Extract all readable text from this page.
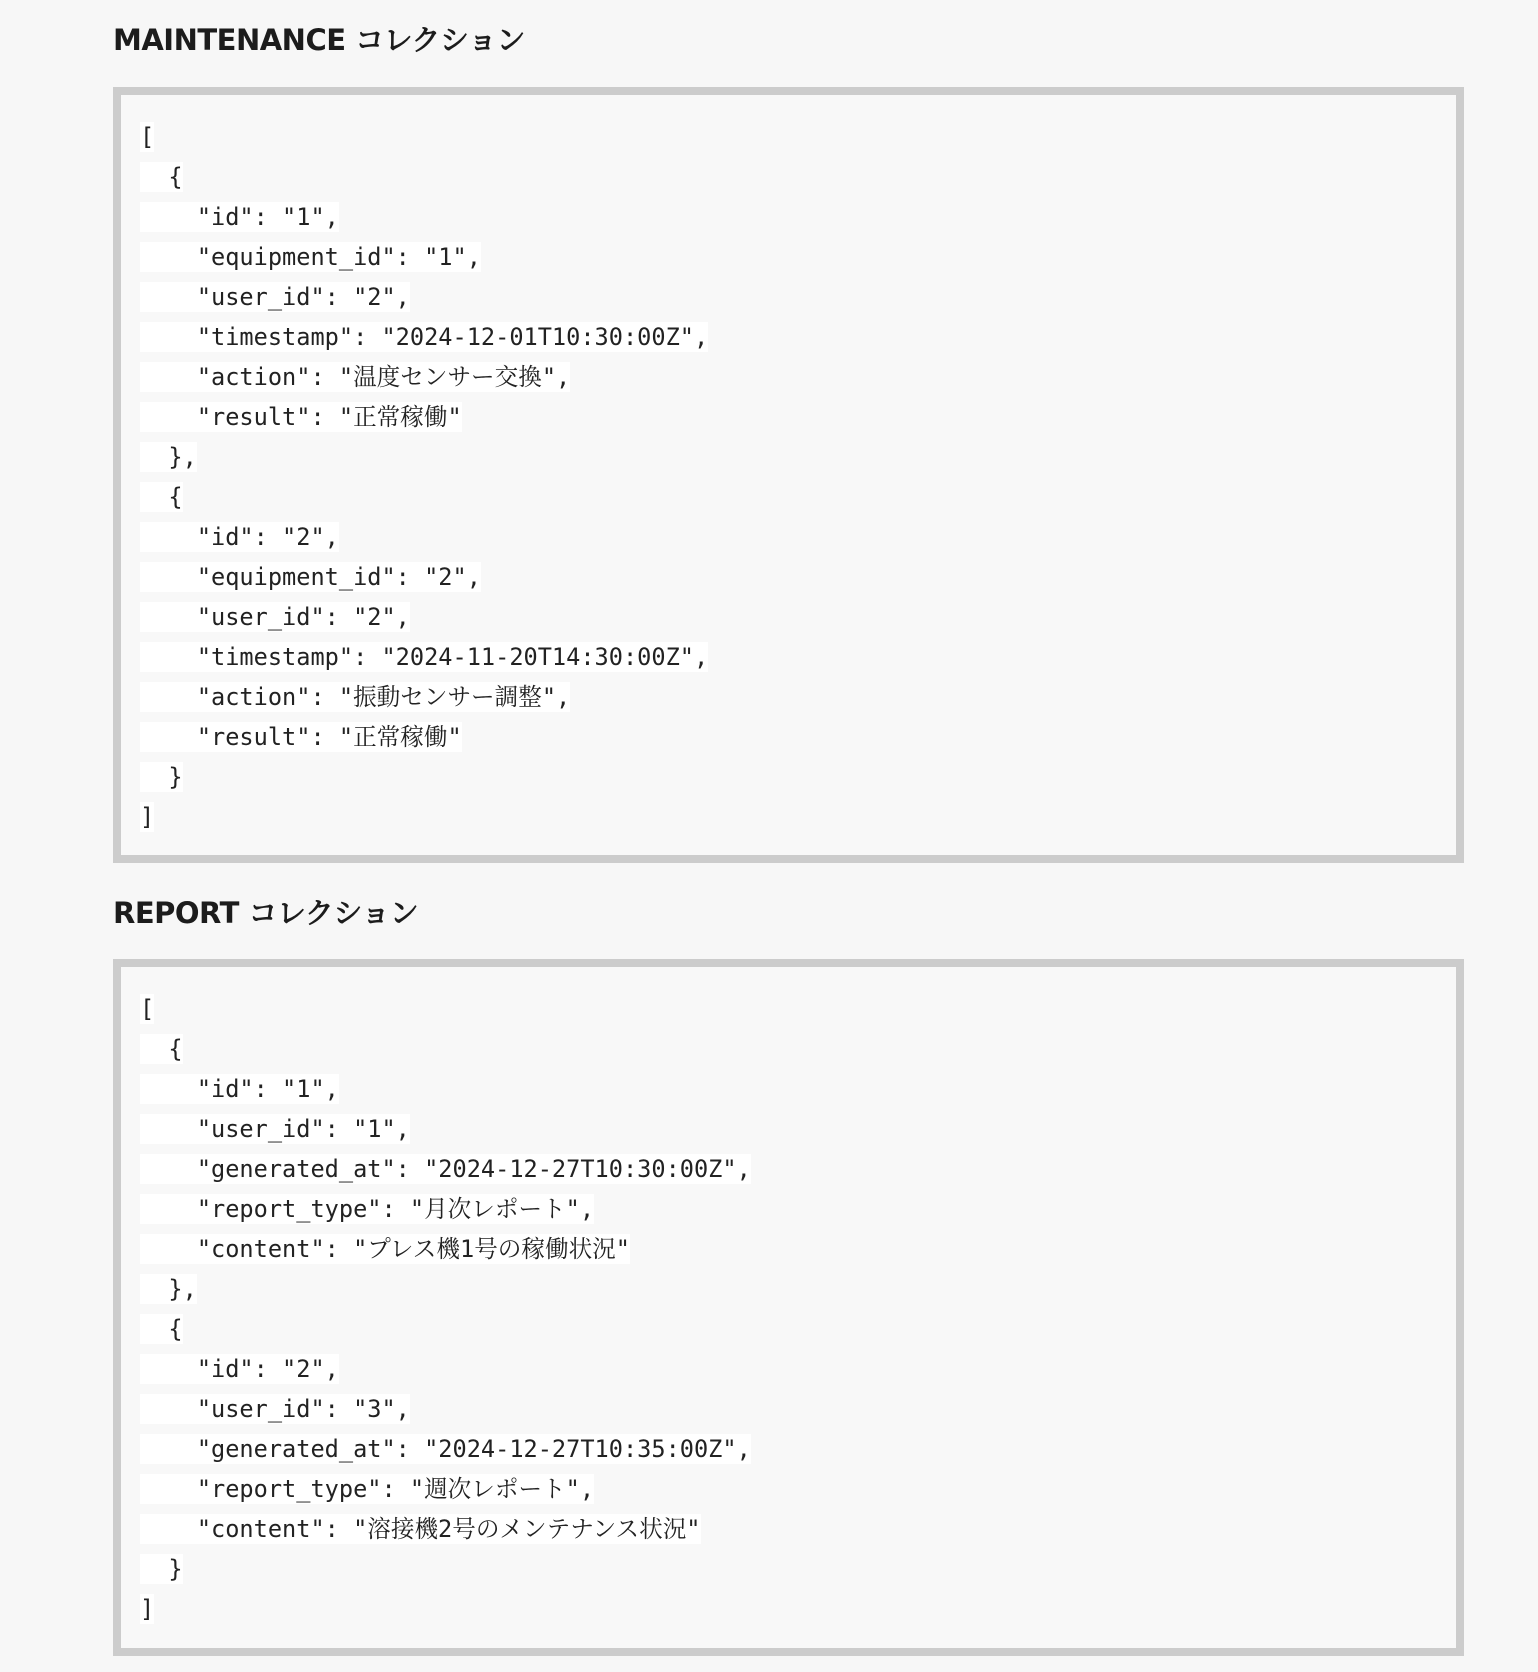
MAINTENANCE コレクション
[
{
"id": "1",
"equipment_id": "1",
"user_id": "2",
"timestamp": "2024-12-01T10:30:00Z",
"action": "温度センサー交換",
"result": "正常稼働"
},
{
"id": "2",
"equipment_id": "2",
"user_id": "2",
"timestamp": "2024-11-20T14:30:00Z",
"action": "振動センサー調整",
"result": "正常稼働"
}
]
REPORT コレクション
[
{
"id": "1",
"user_id": "1",
"generated_at": "2024-12-27T10:30:00Z",
"report_type": "月次レポート",
"content": "プレス機1号の稼働状況"
},
{
"id": "2",
"user_id": "3",
"generated_at": "2024-12-27T10:35:00Z",
"report_type": "週次レポート",
"content": "溶接機2号のメンテナンス状況"
}
]
